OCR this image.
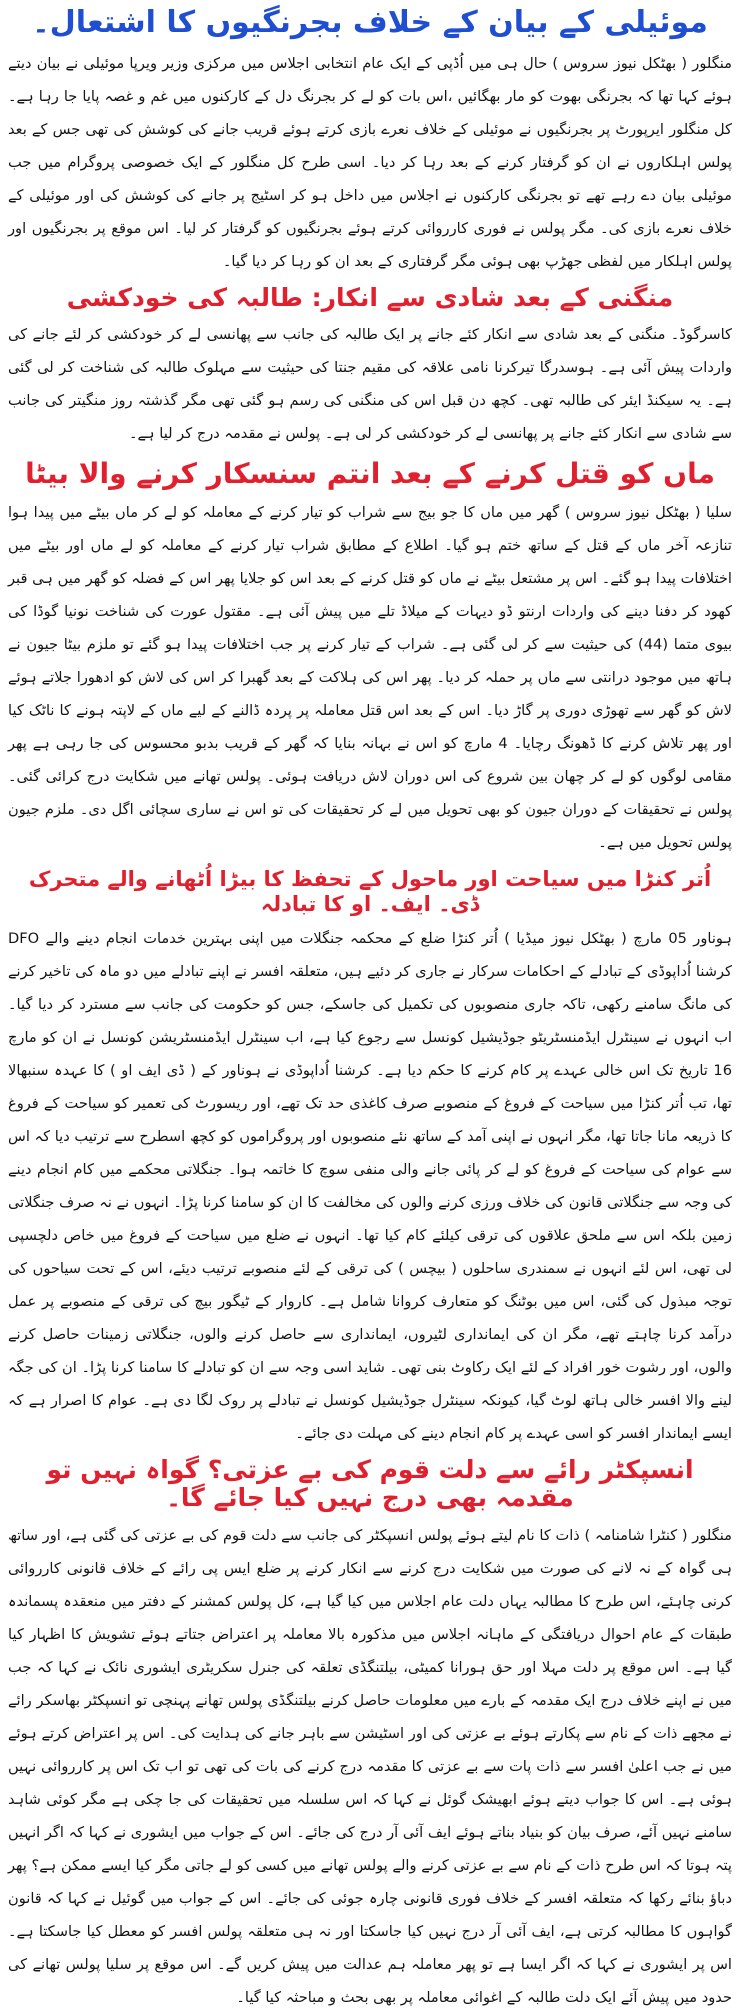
موئیلی کے بیان کے خلاف بجرنگیوں کا اشتعال۔

منگلور ( بھٹکل نیوز سروس ) حال ہی میں اُڈپی کے ایک عام انتخابی اجلاس میں مرکزی وزیر ویرپا موئیلی نے بیان دیتے ہوئے کہا تھا کہ بجرنگی بھوت کو مار بھگائیں ،اس بات کو لے کر بجرنگ دل کے کارکنوں میں غم و غصہ پایا جا رہا ہے۔ کل منگلور ایرپورٹ پر بجرنگیوں نے موئیلی کے خلاف نعرے بازی کرتے ہوئے قریب جانے کی کوشش کی تھی جس کے بعد پولس اہلکاروں نے ان کو گرفتار کرنے کے بعد رہا کر دیا۔ اسی طرح کل منگلور کے ایک خصوصی پروگرام میں جب موئیلی بیان دے رہے تھے تو بجرنگی کارکنوں نے اجلاس میں داخل ہو کر اسٹیج پر جانے کی کوشش کی اور موئیلی کے خلاف نعرے بازی کی۔ مگر پولس نے فوری کارروائی کرتے ہوئے بجرنگیوں کو گرفتار کر لیا۔ اس موقع پر بجرنگیوں اور پولس اہلکار میں لفظی جھڑپ بھی ہوئی مگر گرفتاری کے بعد ان کو رہا کر دیا گیا۔

منگنی کے بعد شادی سے انکار: طالبہ کی خودکشی

کاسرگوڈ۔ منگنی کے بعد شادی سے انکار کئے جانے پر ایک طالبہ کی جانب سے پھانسی لے کر خودکشی کر لئے جانے کی واردات پیش آئی ہے۔ ہوسدرگا تیرکرنا نامی علاقہ کی مقیم جنتا کی حیثیت سے مہلوک طالبہ کی شناخت کر لی گئی ہے۔ یہ سیکنڈ ایئر کی طالبہ تھی۔ کچھ دن قبل اس کی منگنی کی رسم ہو گئی تھی مگر گذشتہ روز منگیتر کی جانب سے شادی سے انکار کئے جانے پر پھانسی لے کر خودکشی کر لی ہے۔ پولس نے مقدمہ درج کر لیا ہے۔

ماں کو قتل کرنے کے بعد انتم سنسکار کرنے والا بیٹا

سلیا ( بھٹکل نیوز سروس ) گھر میں ماں کا جو بیج سے شراب کو تیار کرنے کے معاملہ کو لے کر ماں بیٹے میں پیدا ہوا تنازعہ آخر ماں کے قتل کے ساتھ ختم ہو گیا۔ اطلاع کے مطابق شراب تیار کرنے کے معاملہ کو لے ماں اور بیٹے میں اختلافات پیدا ہو گئے۔ اس پر مشتعل بیٹے نے ماں کو قتل کرنے کے بعد اس کو جلایا پھر اس کے فضلہ کو گھر میں ہی قبر کھود کر دفنا دینے کی واردات ارنتو ڈو دیہات کے میلاڈ تلے میں پیش آئی ہے۔ مقتول عورت کی شناخت نونیا گوڈا کی بیوی متما (44) کی حیثیت سے کر لی گئی ہے۔ شراب کے تیار کرنے پر جب اختلافات پیدا ہو گئے تو ملزم بیٹا جیون نے ہاتھ میں موجود درانتی سے ماں پر حملہ کر دیا۔ پھر اس کی ہلاکت کے بعد گھبرا کر اس کی لاش کو ادھورا جلاتے ہوئے لاش کو گھر سے تھوڑی دوری پر گاڑ دیا۔ اس کے بعد اس قتل معاملہ پر پردہ ڈالنے کے لیے ماں کے لاپتہ ہونے کا ناٹک کیا اور پھر تلاش کرنے کا ڈھونگ رچایا۔ 4 مارچ کو اس نے بہانہ بنایا کہ گھر کے قریب بدبو محسوس کی جا رہی ہے پھر مقامی لوگوں کو لے کر چھان بین شروع کی اس دوران لاش دریافت ہوئی۔ پولس تھانے میں شکایت درج کرائی گئی۔ پولس نے تحقیقات کے دوران جیون کو بھی تحویل میں لے کر تحقیقات کی تو اس نے ساری سچائی اگل دی۔ ملزم جیون پولس تحویل میں ہے۔

اُتر کنڑا میں سیاحت اور ماحول کے تحفظ کا بیڑا اُٹھانے والے متحرک ڈی۔ ایف۔ او کا تبادلہ

ہوناور 05 مارچ ( بھٹکل نیوز میڈیا ) اُتر کنڑا ضلع کے محکمہ جنگلات میں اپنی بہترین خدمات انجام دینے والے DFO کرشنا اُداپوڈی کے تبادلے کے احکامات سرکار نے جاری کر دئیے ہیں، متعلقہ افسر نے اپنے تبادلے میں دو ماہ کی تاخیر کرنے کی مانگ سامنے رکھی، تاکہ جاری منصوبوں کی تکمیل کی جاسکے، جس کو حکومت کی جانب سے مسترد کر دیا گیا۔ اب انہوں نے سینٹرل ایڈمنسٹریٹو جوڈیشیل کونسل سے رجوع کیا ہے، اب سینٹرل ایڈمنسٹریشن کونسل نے ان کو مارچ 16 تاریخ تک اس خالی عہدے پر کام کرنے کا حکم دیا ہے۔ کرشنا اُداپوڈی نے ہوناور کے ( ڈی ایف او ) کا عہدہ سنبھالا تھا، تب اُتر کنڑا میں سیاحت کے فروغ کے منصوبے صرف کاغذی حد تک تھے، اور ریسورٹ کی تعمیر کو سیاحت کے فروغ کا ذریعہ مانا جاتا تھا، مگر انہوں نے اپنی آمد کے ساتھ نئے منصوبوں اور پروگراموں کو کچھ اسطرح سے ترتیب دیا کہ اس سے عوام کی سیاحت کے فروغ کو لے کر پائی جانے والی منفی سوچ کا خاتمہ ہوا۔ جنگلاتی محکمے میں کام انجام دینے کی وجہ سے جنگلاتی قانون کی خلاف ورزی کرنے والوں کی مخالفت کا ان کو سامنا کرنا پڑا۔ انہوں نے نہ صرف جنگلاتی زمین بلکہ اس سے ملحق علاقوں کی ترقی کیلئے کام کیا تھا۔ انہوں نے ضلع میں سیاحت کے فروغ میں خاص دلچسپی لی تھی، اس لئے انہوں نے سمندری ساحلوں ( بیچس ) کی ترقی کے لئے منصوبے ترتیب دیئے، اس کے تحت سیاحوں کی توجہ مبذول کی گئی، اس میں بوٹنگ کو متعارف کروانا شامل ہے۔ کاروار کے ٹیگور بیچ کی ترقی کے منصوبے پر عمل درآمد کرنا چاہتے تھے، مگر ان کی ایمانداری لٹیروں، ایمانداری سے حاصل کرنے والوں، جنگلاتی زمینات حاصل کرنے والوں، اور رشوت خور افراد کے لئے ایک رکاوٹ بنی تھی۔ شاید اسی وجہ سے ان کو تبادلے کا سامنا کرنا پڑا۔ ان کی جگہ لینے والا افسر خالی ہاتھ لوٹ گیا، کیونکہ سینٹرل جوڈیشیل کونسل نے تبادلے پر روک لگا دی ہے۔ عوام کا اصرار ہے کہ ایسے ایماندار افسر کو اسی عہدے پر کام انجام دینے کی مہلت دی جائے۔

انسپکٹر رائے سے دلت قوم کی بے عزتی؟ گواہ نہیں تو مقدمہ بھی درج نہیں کیا جائے گا۔

منگلور ( کنٹرا شامنامہ ) ذات کا نام لیتے ہوئے پولس انسپکٹر کی جانب سے دلت قوم کی بے عزتی کی گئی ہے، اور ساتھ ہی گواہ کے نہ لانے کی صورت میں شکایت درج کرنے سے انکار کرنے پر ضلع ایس پی رائے کے خلاف قانونی کارروائی کرنی چاہئے، اس طرح کا مطالبہ یہاں دلت عام اجلاس میں کیا گیا ہے، کل پولس کمشنر کے دفتر میں منعقدہ پسماندہ طبقات کے عام احوال دریافتگی کے ماہانہ اجلاس میں مذکورہ بالا معاملہ پر اعتراض جتاتے ہوئے تشویش کا اظہار کیا گیا ہے۔ اس موقع پر دلت مہلا اور حق ہورانا کمیٹی، بیلتنگڈی تعلقہ کی جنرل سکریٹری ایشوری نائک نے کہا کہ جب میں نے اپنے خلاف درج ایک مقدمہ کے بارے میں معلومات حاصل کرنے بیلتنگڈی پولس تھانے پہنچی تو انسپکٹر بھاسکر رائے نے مجھے ذات کے نام سے پکارتے ہوئے بے عزتی کی اور اسٹیشن سے باہر جانے کی ہدایت کی۔ اس پر اعتراض کرتے ہوئے میں نے جب اعلیٰ افسر سے ذات پات سے بے عزتی کا مقدمہ درج کرنے کی بات کی تھی تو اب تک اس پر کارروائی نہیں ہوئی ہے۔ اس کا جواب دیتے ہوئے ابھیشک گوئل نے کہا کہ اس سلسلہ میں تحقیقات کی جا چکی ہے مگر کوئی شاہد سامنے نہیں آئے، صرف بیان کو بنیاد بناتے ہوئے ایف آئی آر درج کی جائے۔ اس کے جواب میں ایشوری نے کہا کہ اگر انہیں پتہ ہوتا کہ اس طرح ذات کے نام سے بے عزتی کرنے والے پولس تھانے میں کسی کو لے جاتی مگر کیا ایسے ممکن ہے؟ پھر دباؤ بنائے رکھا کہ متعلقہ افسر کے خلاف فوری قانونی چارہ جوئی کی جائے۔ اس کے جواب میں گوئیل نے کہا کہ قانون گواہوں کا مطالبہ کرتی ہے، ایف آئی آر درج نہیں کیا جاسکتا اور نہ ہی متعلقہ پولس افسر کو معطل کیا جاسکتا ہے۔ اس پر ایشوری نے کہا کہ اگر ایسا ہے تو پھر معاملہ ہم عدالت میں پیش کریں گے۔ اس موقع پر سلیا پولس تھانے کی حدود میں پیش آئے ایک دلت طالبہ کے اغوائی معاملہ پر بھی بحث و مباحثہ کیا گیا۔
